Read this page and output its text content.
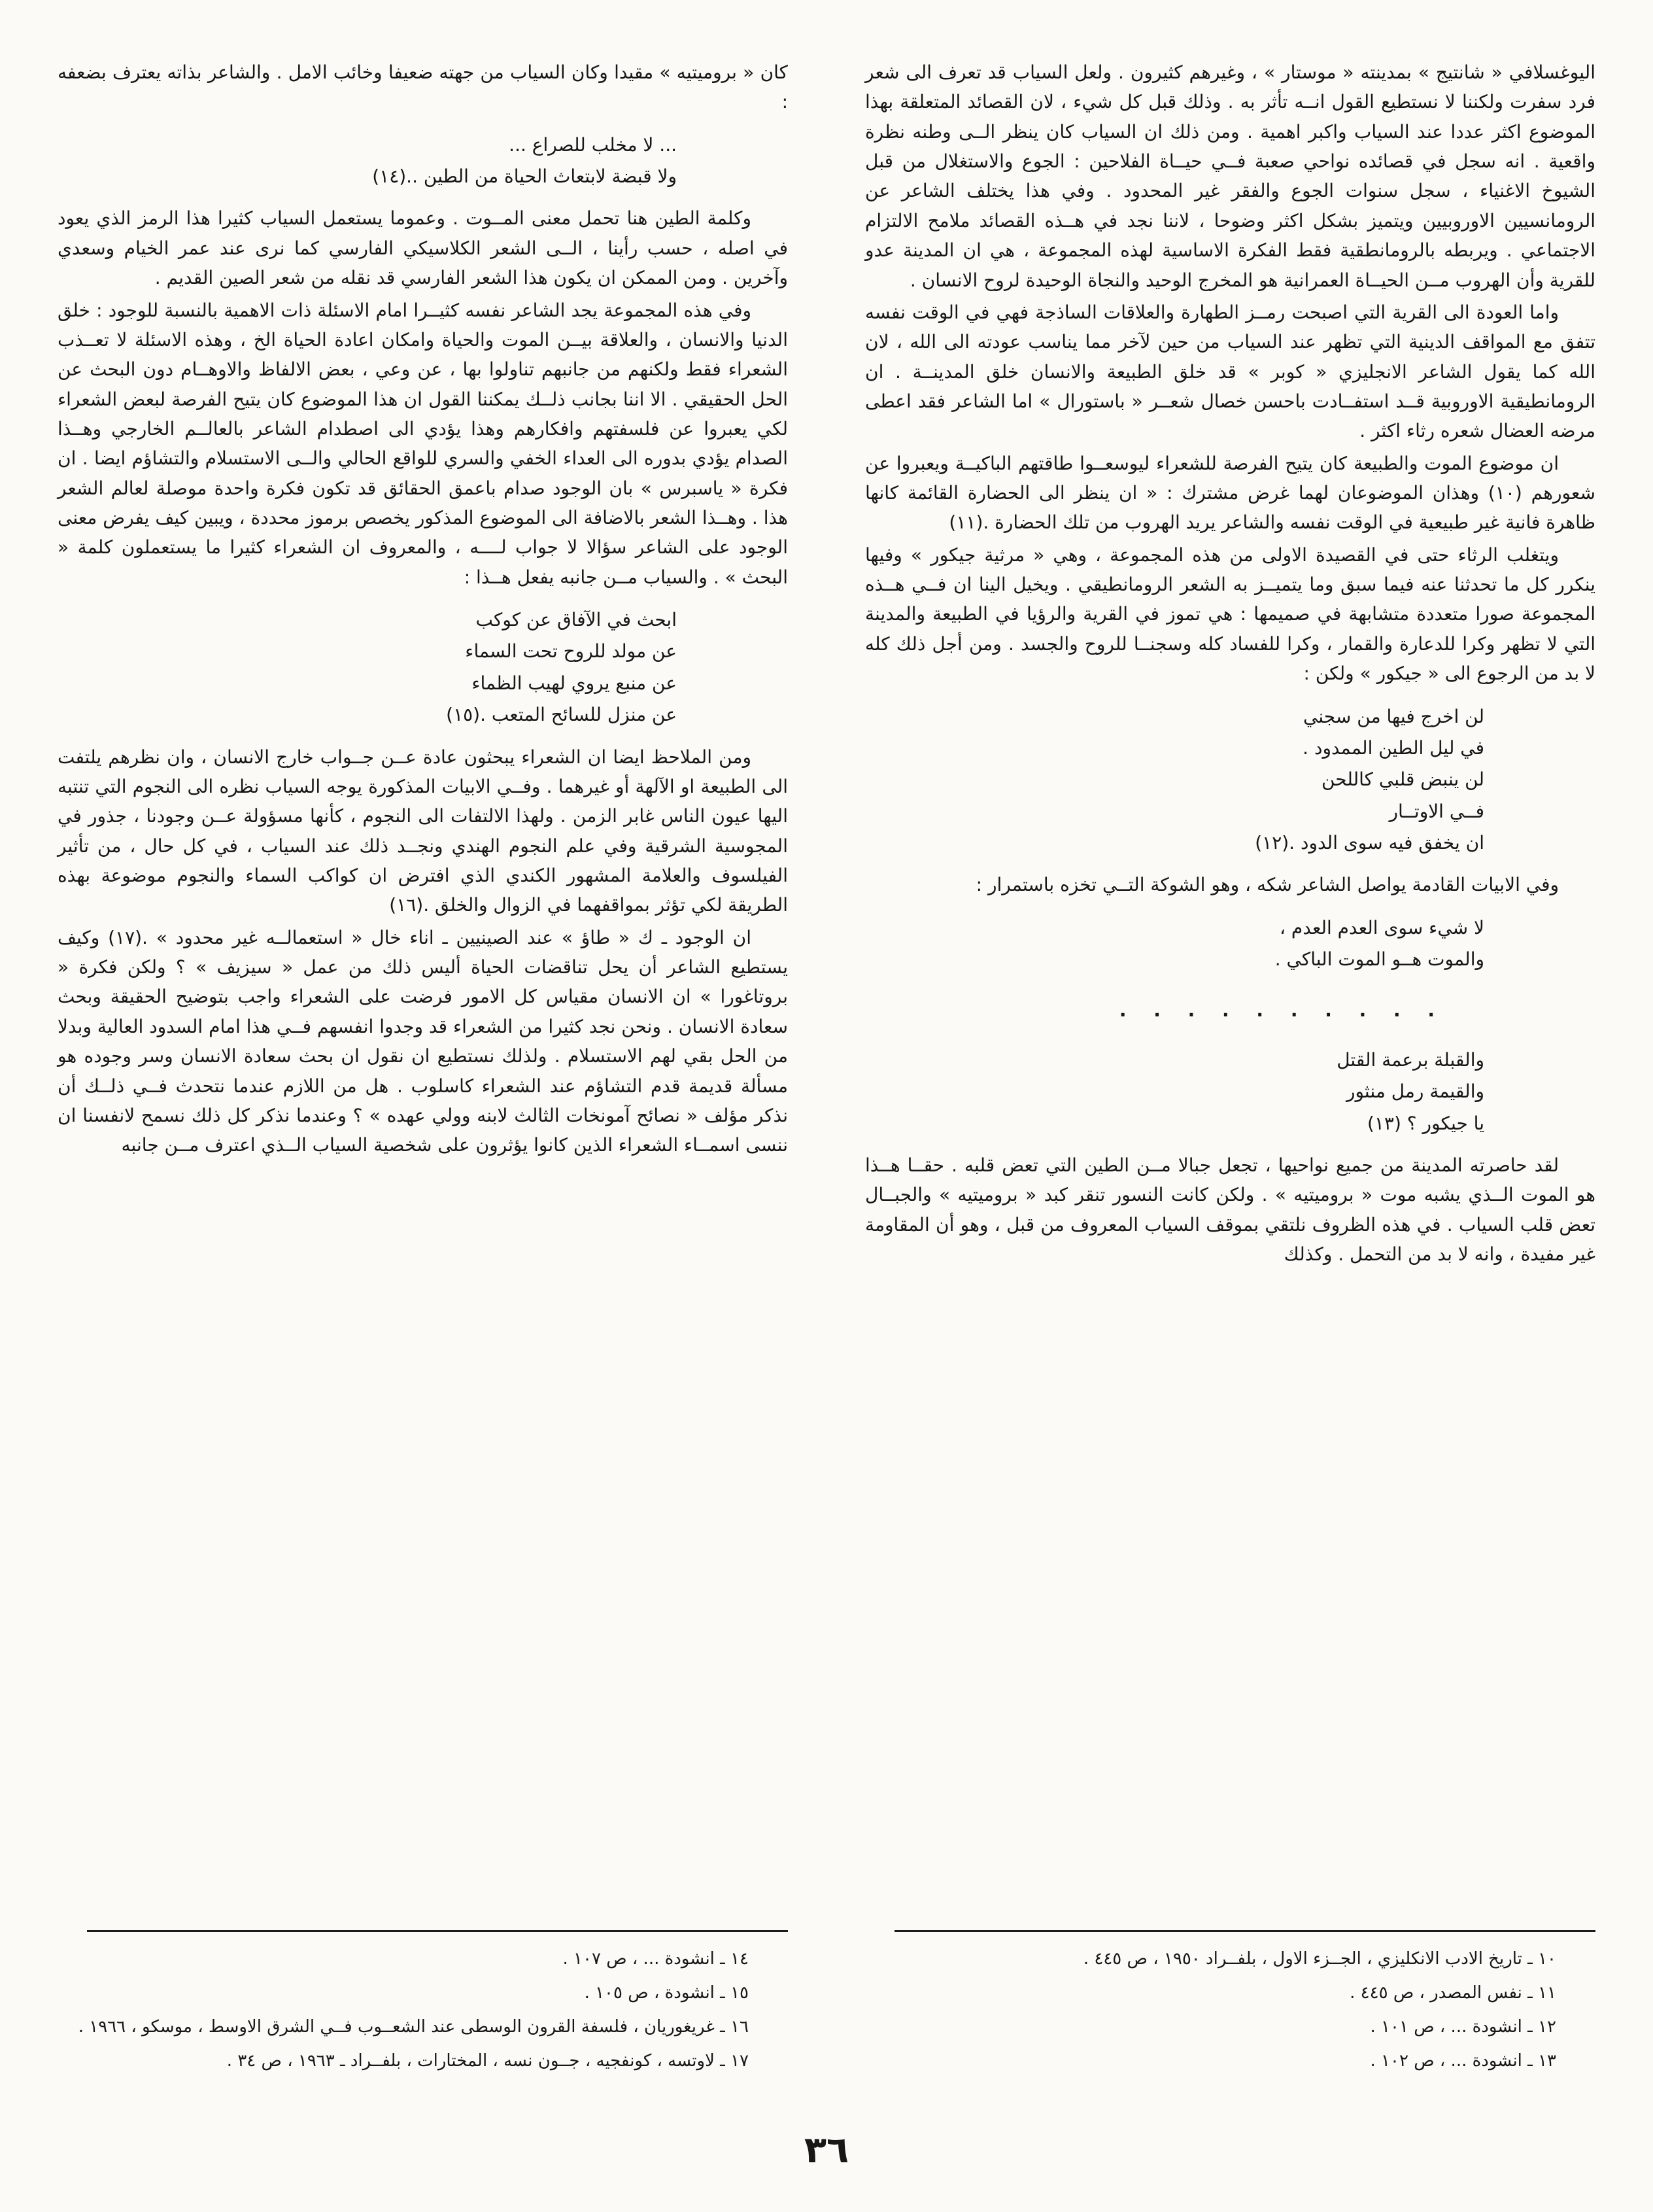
اليوغسلافي « شانتيج » بمدينته « موستار » ، وغيرهم كثيرون . ولعل السياب قد تعرف الى شعر فرد سفرت ولكننا لا نستطيع القول انــه تأثر به . وذلك قبل كل شيء ، لان القصائد المتعلقة بهذا الموضوع اكثر عددا عند السياب واكبر اهمية . ومن ذلك ان السياب كان ينظر الــى وطنه نظرة واقعية . انه سجل في قصائده نواحي صعبة فــي حيــاة الفلاحين : الجوع والاستغلال من قبل الشيوخ الاغنياء ، سجل سنوات الجوع والفقر غير المحدود . وفي هذا يختلف الشاعر عن الرومانسيين الاوروبيين ويتميز بشكل اكثر وضوحا ، لاننا نجد في هــذه القصائد ملامح الالتزام الاجتماعي . ويربطه بالرومانطقية فقط الفكرة الاساسية لهذه المجموعة ، هي ان المدينة عدو للقرية وأن الهروب مــن الحيــاة العمرانية هو المخرج الوحيد والنجاة الوحيدة لروح الانسان .

واما العودة الى القرية التي اصبحت رمــز الطهارة والعلاقات الساذجة فهي في الوقت نفسه تتفق مع المواقف الدينية التي تظهر عند السياب من حين لآخر مما يناسب عودته الى الله ، لان الله كما يقول الشاعر الانجليزي « كوبر » قد خلق الطبيعة والانسان خلق المدينــة . ان الرومانطيقية الاوروبية قــد استفــادت باحسن خصال شعــر « باستورال » اما الشاعر فقد اعطى مرضه العضال شعره رثاء اكثر .

ان موضوع الموت والطبيعة كان يتيح الفرصة للشعراء ليوسعــوا طاقتهم الباكيــة ويعبروا عن شعورهم (١٠) وهذان الموضوعان لهما غرض مشترك : « ان ينظر الى الحضارة القائمة كانها ظاهرة فانية غير طبيعية في الوقت نفسه والشاعر يريد الهروب من تلك الحضارة .(١١)

ويتغلب الرثاء حتى في القصيدة الاولى من هذه المجموعة ، وهي « مرثية جيكور » وفيها ينكرر كل ما تحدثنا عنه فيما سبق وما يتميــز به الشعر الرومانطيقي . ويخيل الينا ان فــي هــذه المجموعة صورا متعددة متشابهة في صميمها : هي تموز في القرية والرؤيا في الطبيعة والمدينة التي لا تظهر وكرا للدعارة والقمار ، وكرا للفساد كله وسجنــا للروح والجسد . ومن أجل ذلك كله لا بد من الرجوع الى « جيكور » ولكن :

لن اخرج فيها من سجني
في ليل الطين الممدود .
لن ينبض قلبي كاللحن
فــي الاوتــار
ان يخفق فيه سوى الدود .(١٢)

وفي الابيات القادمة يواصل الشاعر شكه ، وهو الشوكة التــي تخزه باستمرار :

لا شيء سوى العدم العدم ،
والموت هــو الموت الباكي .
. . . . . . . . . .
والقبلة برعمة القتل
والقيمة رمل منثور
يا جيكور ؟ (١٣)

لقد حاصرته المدينة من جميع نواحيها ، تجعل جبالا مــن الطين التي تعض قلبه . حقــا هــذا هو الموت الــذي يشبه موت « بروميتيه » . ولكن كانت النسور تنقر كبد « بروميتيه » والجبــال تعض قلب السياب . في هذه الظروف نلتقي بموقف السياب المعروف من قبل ، وهو أن المقاومة غير مفيدة ، وانه لا بد من التحمل . وكذلك

١٠ ـ تاريخ الادب الانكليزي ، الجــزء الاول ، بلفــراد ١٩٥٠ ، ص ٤٤٥ .

١١ ـ نفس المصدر ، ص ٤٤٥ .

١٢ ـ انشودة ... ، ص ١٠١ .

١٣ ـ انشودة ... ، ص ١٠٢ .

كان « بروميتيه » مقيدا وكان السياب من جهته ضعيفا وخائب الامل . والشاعر بذاته يعترف بضعفه :

... لا مخلب للصراع ...
ولا قبضة لابتعاث الحياة من الطين ..(١٤)

وكلمة الطين هنا تحمل معنى المــوت . وعموما يستعمل السياب كثيرا هذا الرمز الذي يعود في اصله ، حسب رأينا ، الــى الشعر الكلاسيكي الفارسي كما نرى عند عمر الخيام وسعدي وآخرين . ومن الممكن ان يكون هذا الشعر الفارسي قد نقله من شعر الصين القديم .

وفي هذه المجموعة يجد الشاعر نفسه كثيــرا امام الاسئلة ذات الاهمية بالنسبة للوجود : خلق الدنيا والانسان ، والعلاقة بيــن الموت والحياة وامكان اعادة الحياة الخ ، وهذه الاسئلة لا تعــذب الشعراء فقط ولكنهم من جانبهم تناولوا بها ، عن وعي ، بعض الالفاظ والاوهــام دون البحث عن الحل الحقيقي . الا اننا بجانب ذلــك يمكننا القول ان هذا الموضوع كان يتيح الفرصة لبعض الشعراء لكي يعبروا عن فلسفتهم وافكارهم وهذا يؤدي الى اصطدام الشاعر بالعالــم الخارجي وهــذا الصدام يؤدي بدوره الى العداء الخفي والسري للواقع الحالي والــى الاستسلام والتشاؤم ايضا . ان فكرة « ياسبرس » بان الوجود صدام باعمق الحقائق قد تكون فكرة واحدة موصلة لعالم الشعر هذا . وهــذا الشعر بالاضافة الى الموضوع المذكور يخصص برموز محددة ، ويبين كيف يفرض معنى الوجود على الشاعر سؤالا لا جواب لــــه ، والمعروف ان الشعراء كثيرا ما يستعملون كلمة « البحث » . والسياب مــن جانبه يفعل هــذا :

ابحث في الآفاق عن كوكب
عن مولد للروح تحت السماء
عن منبع يروي لهيب الظماء
عن منزل للسائح المتعب .(١٥)

ومن الملاحظ ايضا ان الشعراء يبحثون عادة عــن جــواب خارج الانسان ، وان نظرهم يلتفت الى الطبيعة او الآلهة أو غيرهما . وفــي الابيات المذكورة يوجه السياب نظره الى النجوم التي تنتبه اليها عيون الناس غابر الزمن . ولهذا الالتفات الى النجوم ، كأنها مسؤولة عــن وجودنا ، جذور في المجوسية الشرقية وفي علم النجوم الهندي ونجــد ذلك عند السياب ، في كل حال ، من تأثير الفيلسوف والعلامة المشهور الكندي الذي افترض ان كواكب السماء والنجوم موضوعة بهذه الطريقة لكي تؤثر بمواقفهما في الزوال والخلق .(١٦)

ان الوجود ـ ك « طاؤ » عند الصينيين ـ اناء خال « استعمالــه غير محدود » .(١٧) وكيف يستطيع الشاعر أن يحل تناقضات الحياة أليس ذلك من عمل « سيزيف » ؟ ولكن فكرة « بروتاغورا » ان الانسان مقياس كل الامور فرضت على الشعراء واجب بتوضيح الحقيقة وبحث سعادة الانسان . ونحن نجد كثيرا من الشعراء قد وجدوا انفسهم فــي هذا امام السدود العالية وبدلا من الحل بقي لهم الاستسلام . ولذلك نستطيع ان نقول ان بحث سعادة الانسان وسر وجوده هو مسألة قديمة قدم التشاؤم عند الشعراء كاسلوب . هل من اللازم عندما نتحدث فــي ذلــك أن نذكر مؤلف « نصائح آمونخات الثالث لابنه وولي عهده » ؟ وعندما نذكر كل ذلك نسمح لانفسنا ان ننسى اسمــاء الشعراء الذين كانوا يؤثرون على شخصية السياب الــذي اعترف مــن جانبه

١٤ ـ انشودة ... ، ص ١٠٧ .

١٥ ـ انشودة ، ص ١٠٥ .

١٦ ـ غريغوريان ، فلسفة القرون الوسطى عند الشعــوب فــي الشرق الاوسط ، موسكو ، ١٩٦٦ .

١٧ ـ لاوتسه ، كونفجيه ، جــون نسه ، المختارات ، بلفــراد ـ ١٩٦٣ ، ص ٣٤ .

٣٦
